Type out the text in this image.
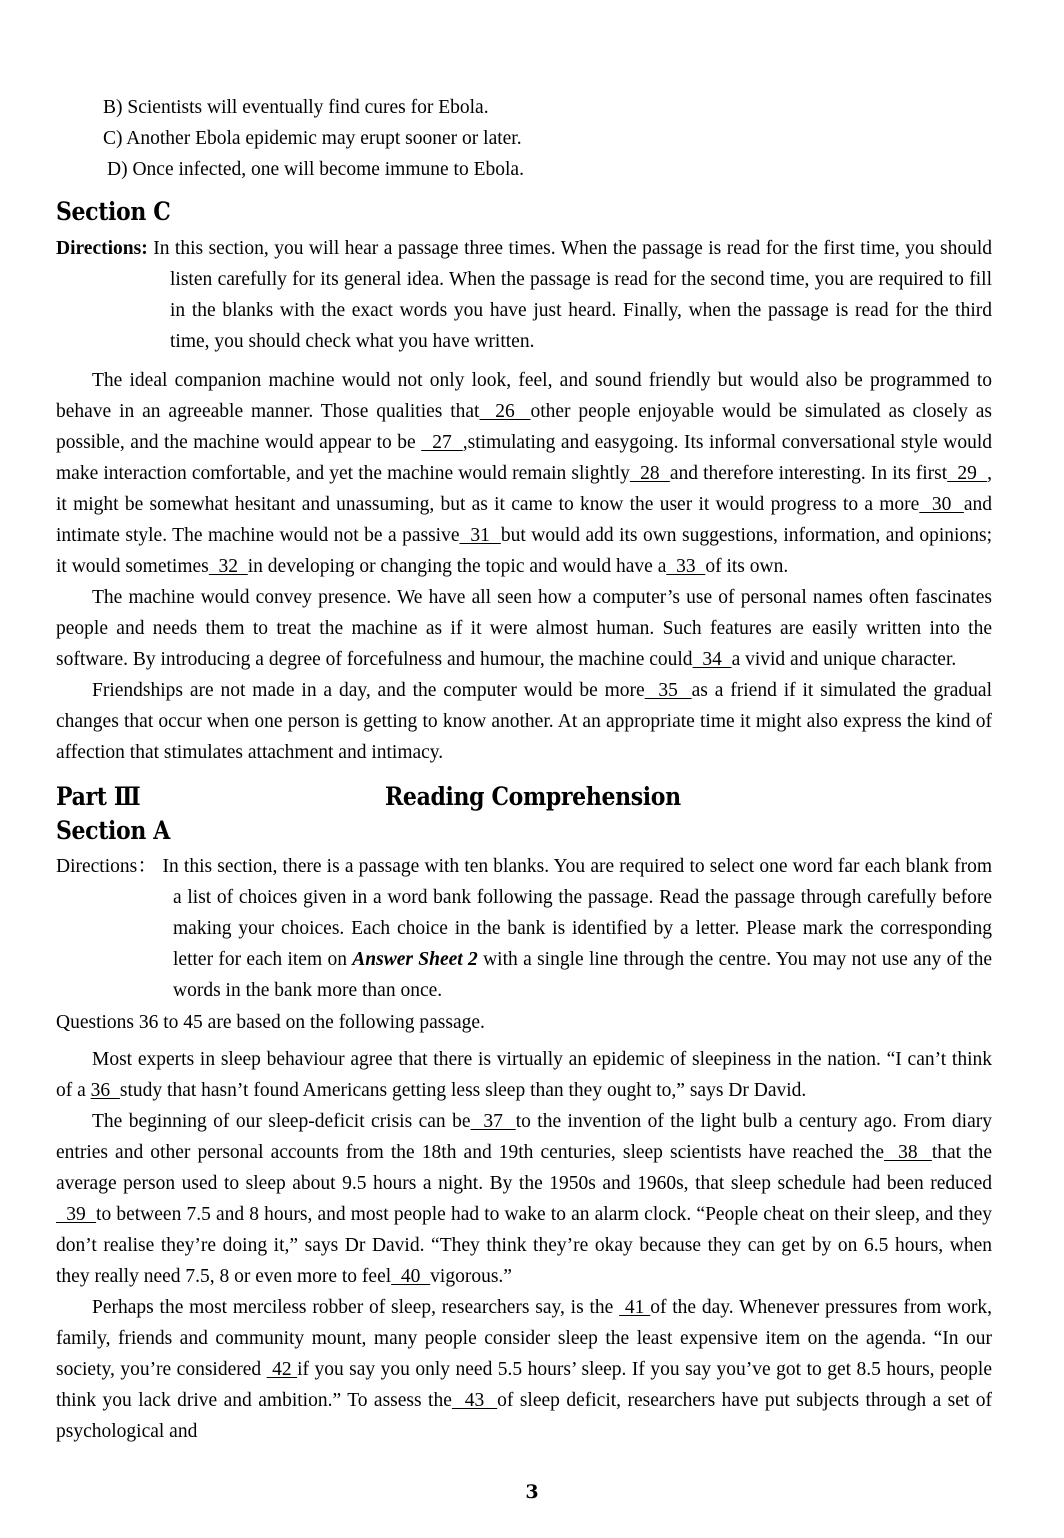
B) Scientists will eventually find cures for Ebola.

C) Another Ebola epidemic may erupt sooner or later.

D) Once infected, one will become immune to Ebola.

Section C

Directions: In this section, you will hear a passage three times. When the passage is read for the first time, you should listen carefully for its general idea. When the passage is read for the second time, you are required to fill in the blanks with the exact words you have just heard. Finally, when the passage is read for the third time, you should check what you have written.

The ideal companion machine would not only look, feel, and sound friendly but would also be programmed to behave in an agreeable manner. Those qualities that  26  other people enjoyable would be simulated as closely as possible, and the machine would appear to be   27  ,stimulating and easygoing. Its informal conversational style would make interaction comfortable, and yet the machine would remain slightly  28  and therefore interesting. In its first  29  , it might be somewhat hesitant and unassuming, but as it came to know the user it would progress to a more  30  and intimate style. The machine would not be a passive  31  but would add its own suggestions, information, and opinions; it would sometimes  32  in developing or changing the topic and would have a  33  of its own.

The machine would convey presence. We have all seen how a computer’s use of personal names often fascinates people and needs them to treat the machine as if it were almost human. Such features are easily written into the software. By introducing a degree of forcefulness and humour, the machine could  34  a vivid and unique character.

Friendships are not made in a day, and the computer would be more  35  as a friend if it simulated the gradual changes that occur when one person is getting to know another. At an appropriate time it might also express the kind of affection that stimulates attachment and intimacy.

Part Ⅲ	Reading Comprehension
Section A

Directions： In this section, there is a passage with ten blanks. You are required to select one word far each blank from a list of choices given in a word bank following the passage. Read the passage through carefully before making your choices. Each choice in the bank is identified by a letter. Please mark the corresponding letter for each item on Answer Sheet 2 with a single line through the centre. You may not use any of the words in the bank more than once.

Questions 36 to 45 are based on the following passage.

Most experts in sleep behaviour agree that there is virtually an epidemic of sleepiness in the nation. “I can’t think of a 36  study that hasn’t found Americans getting less sleep than they ought to,” says Dr David.

The beginning of our sleep-deficit crisis can be  37  to the invention of the light bulb a century ago. From diary entries and other personal accounts from the 18th and 19th centuries, sleep scientists have reached the  38  that the average person used to sleep about 9.5 hours a night. By the 1950s and 1960s, that sleep schedule had been reduced  39  to between 7.5 and 8 hours, and most people had to wake to an alarm clock. “People cheat on their sleep, and they don’t realise they’re doing it,” says Dr David. “They think they’re okay because they can get by on 6.5 hours, when they really need 7.5, 8 or even more to feel  40  vigorous.”

Perhaps the most merciless robber of sleep, researchers say, is the  41 of the day. Whenever pressures from work, family, friends and community mount, many people consider sleep the least expensive item on the agenda. “In our society, you’re considered  42 if you say you only need 5.5 hours’ sleep. If you say you’ve got to get 8.5 hours, people think you lack drive and ambition.” To assess the  43  of sleep deficit, researchers have put subjects through a set of psychological and

3
